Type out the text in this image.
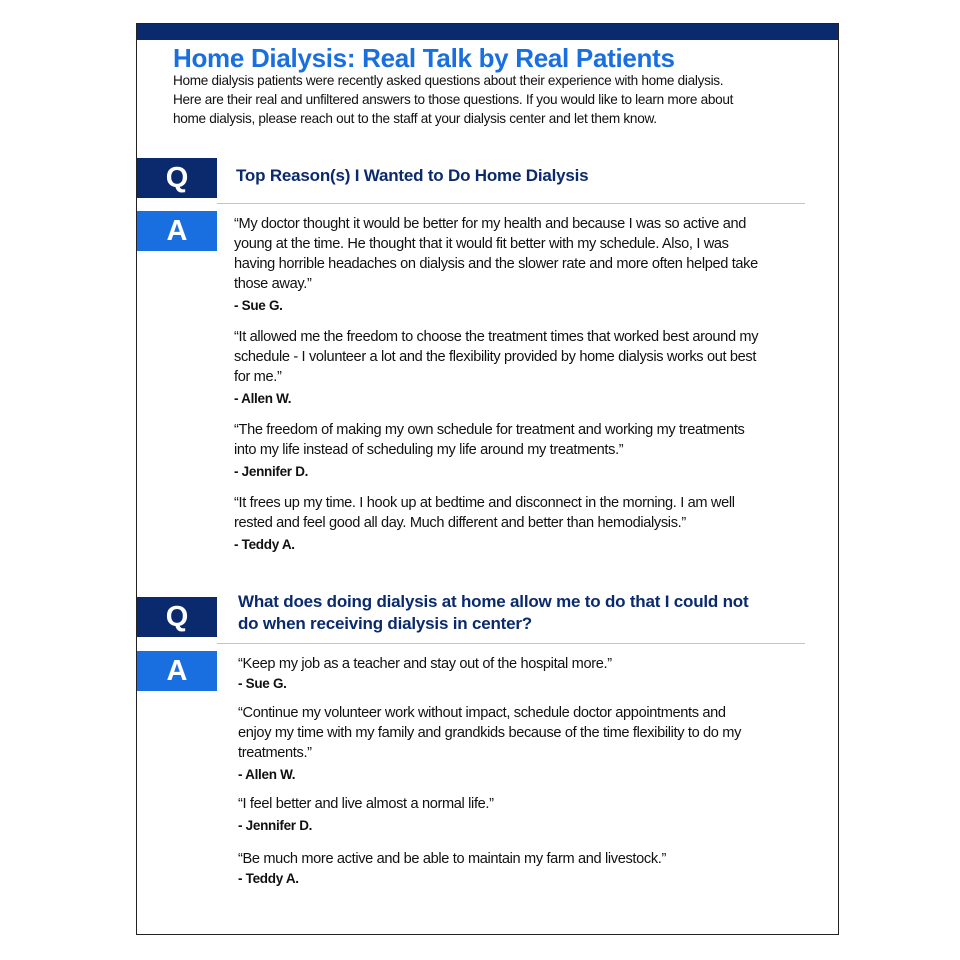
Home Dialysis: Real Talk by Real Patients
Home dialysis patients were recently asked questions about their experience with home dialysis.
Here are their real and unfiltered answers to those questions. If you would like to learn more about
home dialysis, please reach out to the staff at your dialysis center and let them know.
Q	Top Reason(s) I Wanted to Do Home Dialysis
A	“My doctor thought it would be better for my health and because I was so active and
young at the time. He thought that it would fit better with my schedule. Also, I was
having horrible headaches on dialysis and the slower rate and more often helped take
those away.”
- Sue G.
“It allowed me the freedom to choose the treatment times that worked best around my
schedule - I volunteer a lot and the flexibility provided by home dialysis works out best
for me.”
- Allen W.
“The freedom of making my own schedule for treatment and working my treatments
into my life instead of scheduling my life around my treatments.”
- Jennifer D.
“It frees up my time. I hook up at bedtime and disconnect in the morning. I am well
rested and feel good all day. Much different and better than hemodialysis.”
- Teddy A.
Q	What does doing dialysis at home allow me to do that I could not
do when receiving dialysis in center?
A	“Keep my job as a teacher and stay out of the hospital more.”
- Sue G.
“Continue my volunteer work without impact, schedule doctor appointments and
enjoy my time with my family and grandkids because of the time flexibility to do my
treatments.”
- Allen W.
“I feel better and live almost a normal life.”
- Jennifer D.
“Be much more active and be able to maintain my farm and livestock.”
- Teddy A.
